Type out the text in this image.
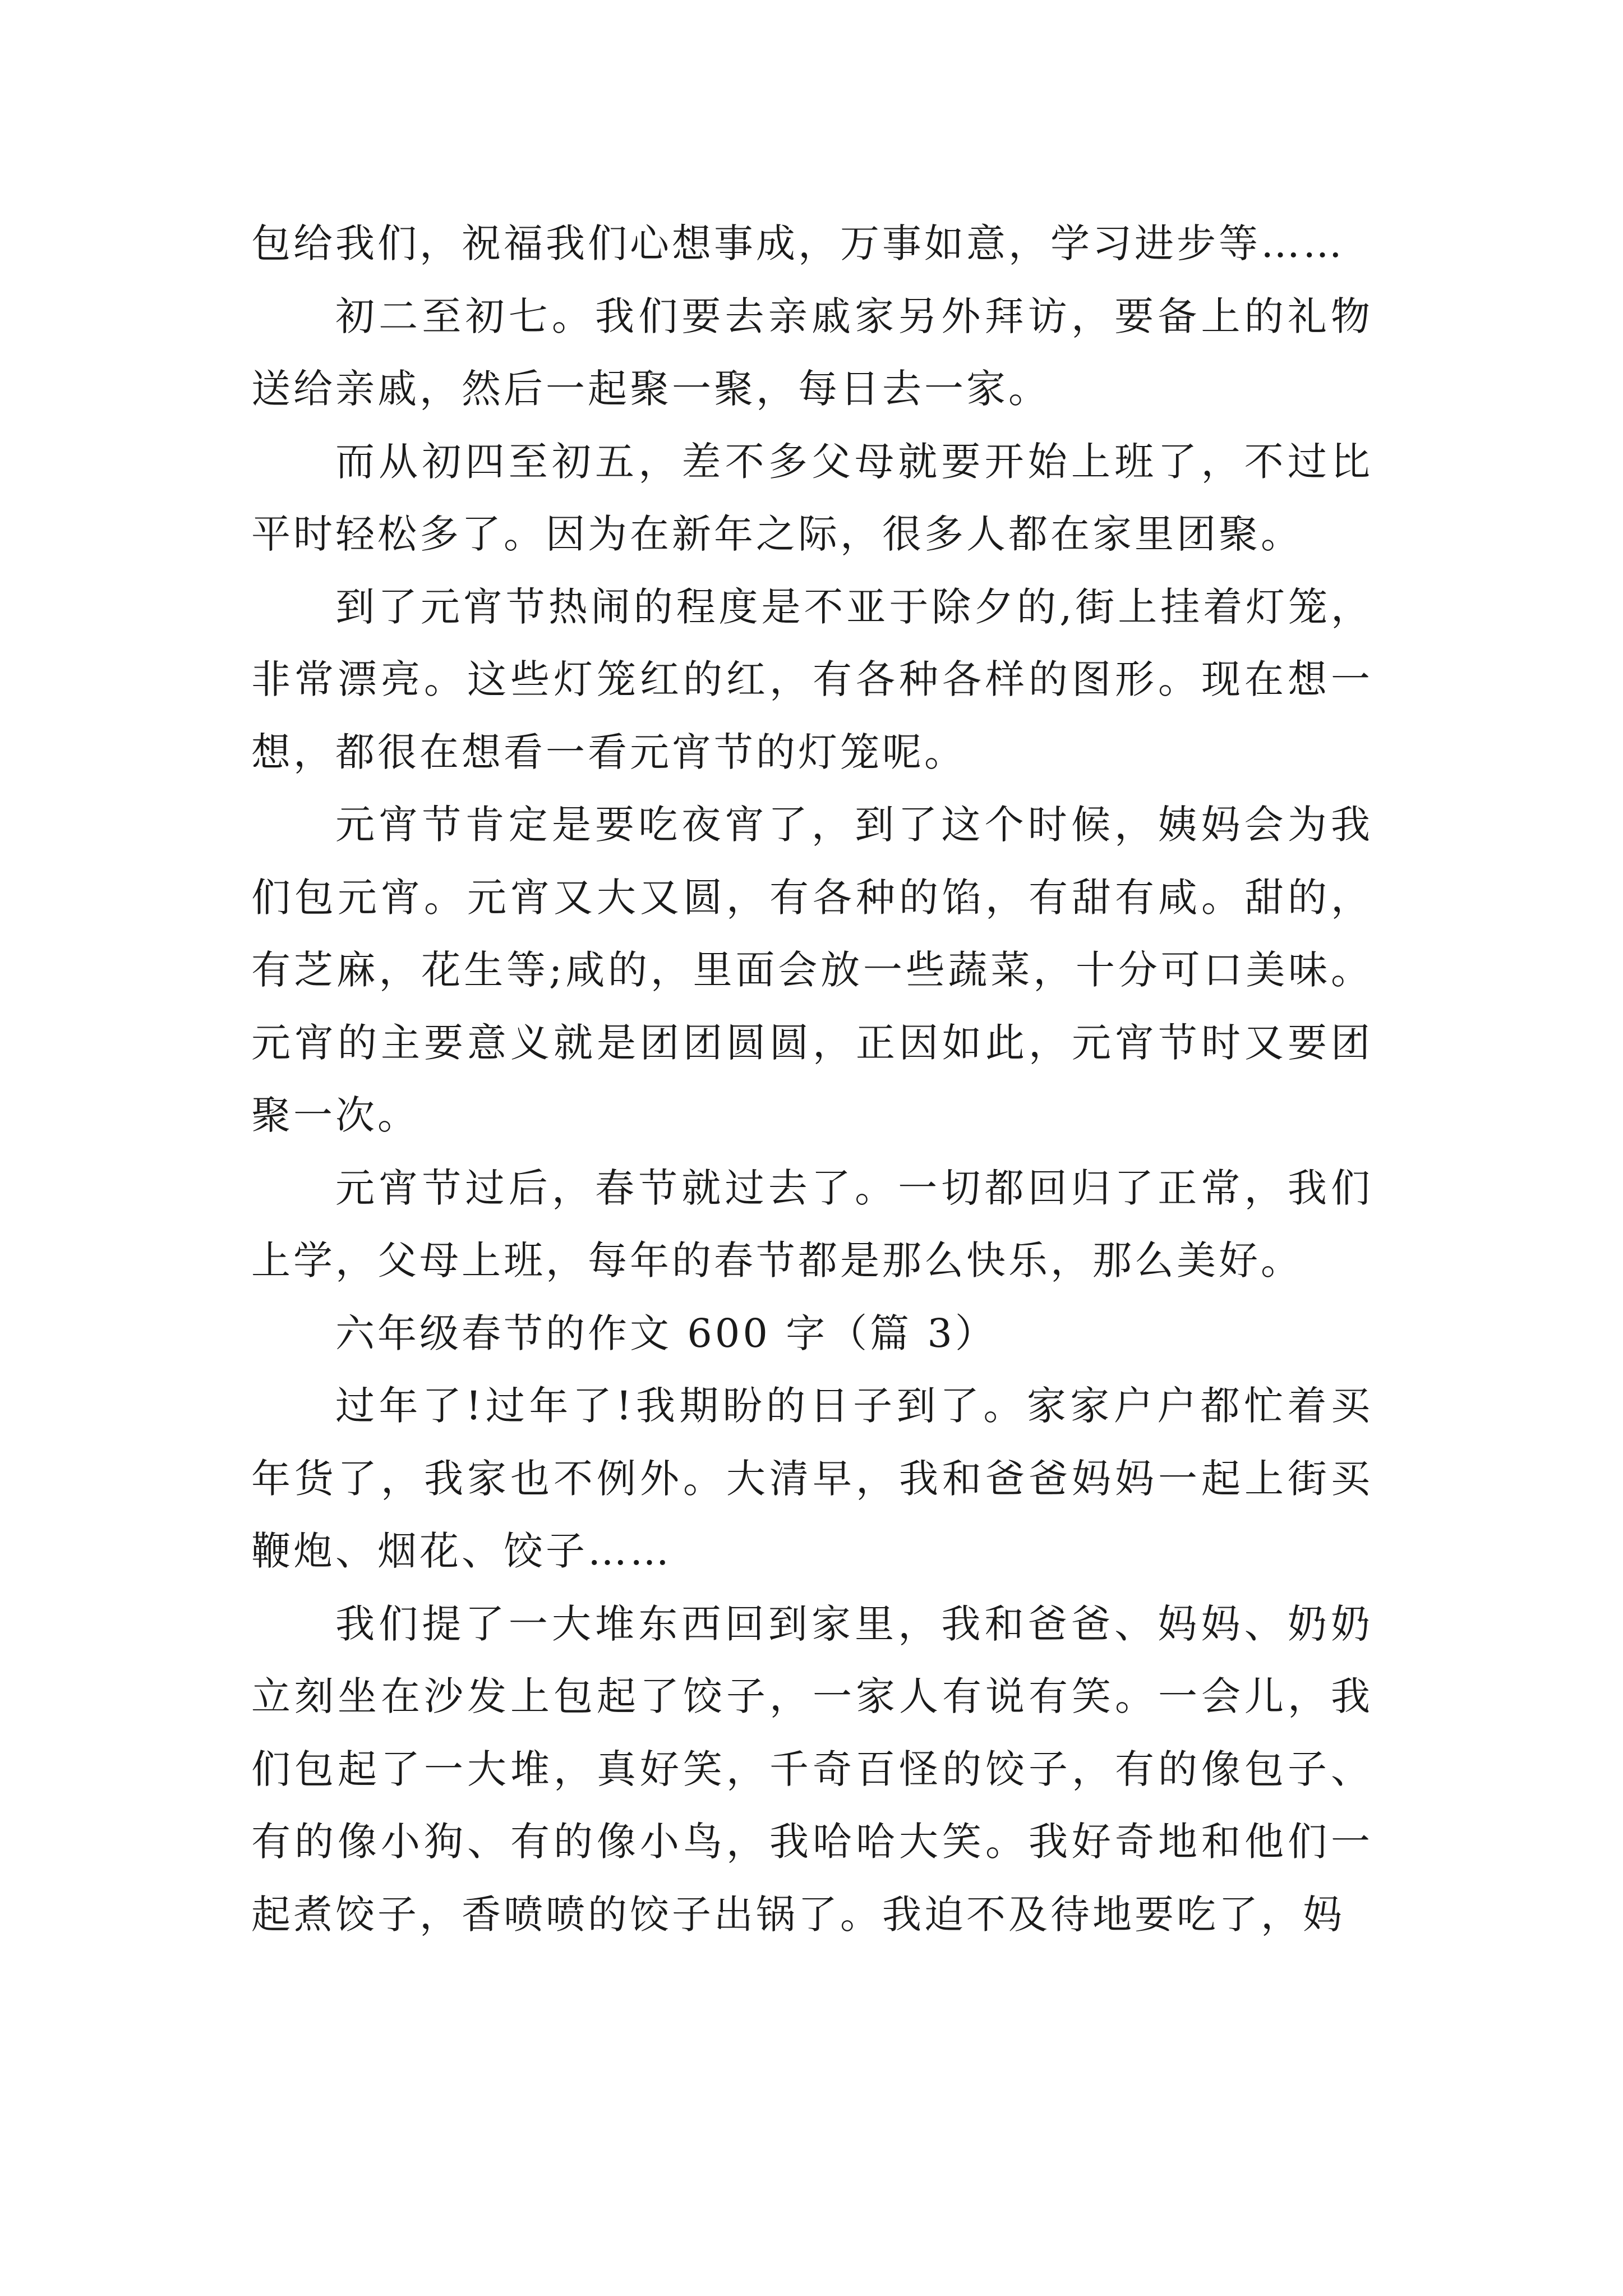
包给我们，祝福我们心想事成，万事如意，学习进步等……

初二至初七。我们要去亲戚家另外拜访，要备上的礼物送给亲戚，然后一起聚一聚，每日去一家。

而从初四至初五，差不多父母就要开始上班了，不过比平时轻松多了。因为在新年之际，很多人都在家里团聚。

到了元宵节热闹的程度是不亚于除夕的,街上挂着灯笼，非常漂亮。这些灯笼红的红，有各种各样的图形。现在想一想，都很在想看一看元宵节的灯笼呢。

元宵节肯定是要吃夜宵了，到了这个时候，姨妈会为我们包元宵。元宵又大又圆，有各种的馅，有甜有咸。甜的，有芝麻，花生等;咸的，里面会放一些蔬菜，十分可口美味。元宵的主要意义就是团团圆圆，正因如此，元宵节时又要团聚一次。

元宵节过后，春节就过去了。一切都回归了正常，我们上学，父母上班，每年的春节都是那么快乐，那么美好。

六年级春节的作文 600 字（篇 3）

过年了!过年了!我期盼的日子到了。家家户户都忙着买年货了，我家也不例外。大清早，我和爸爸妈妈一起上街买鞭炮、烟花、饺子……

我们提了一大堆东西回到家里，我和爸爸、妈妈、奶奶立刻坐在沙发上包起了饺子，一家人有说有笑。一会儿，我们包起了一大堆，真好笑，千奇百怪的饺子，有的像包子、有的像小狗、有的像小鸟，我哈哈大笑。我好奇地和他们一起煮饺子，香喷喷的饺子出锅了。我迫不及待地要吃了，妈
